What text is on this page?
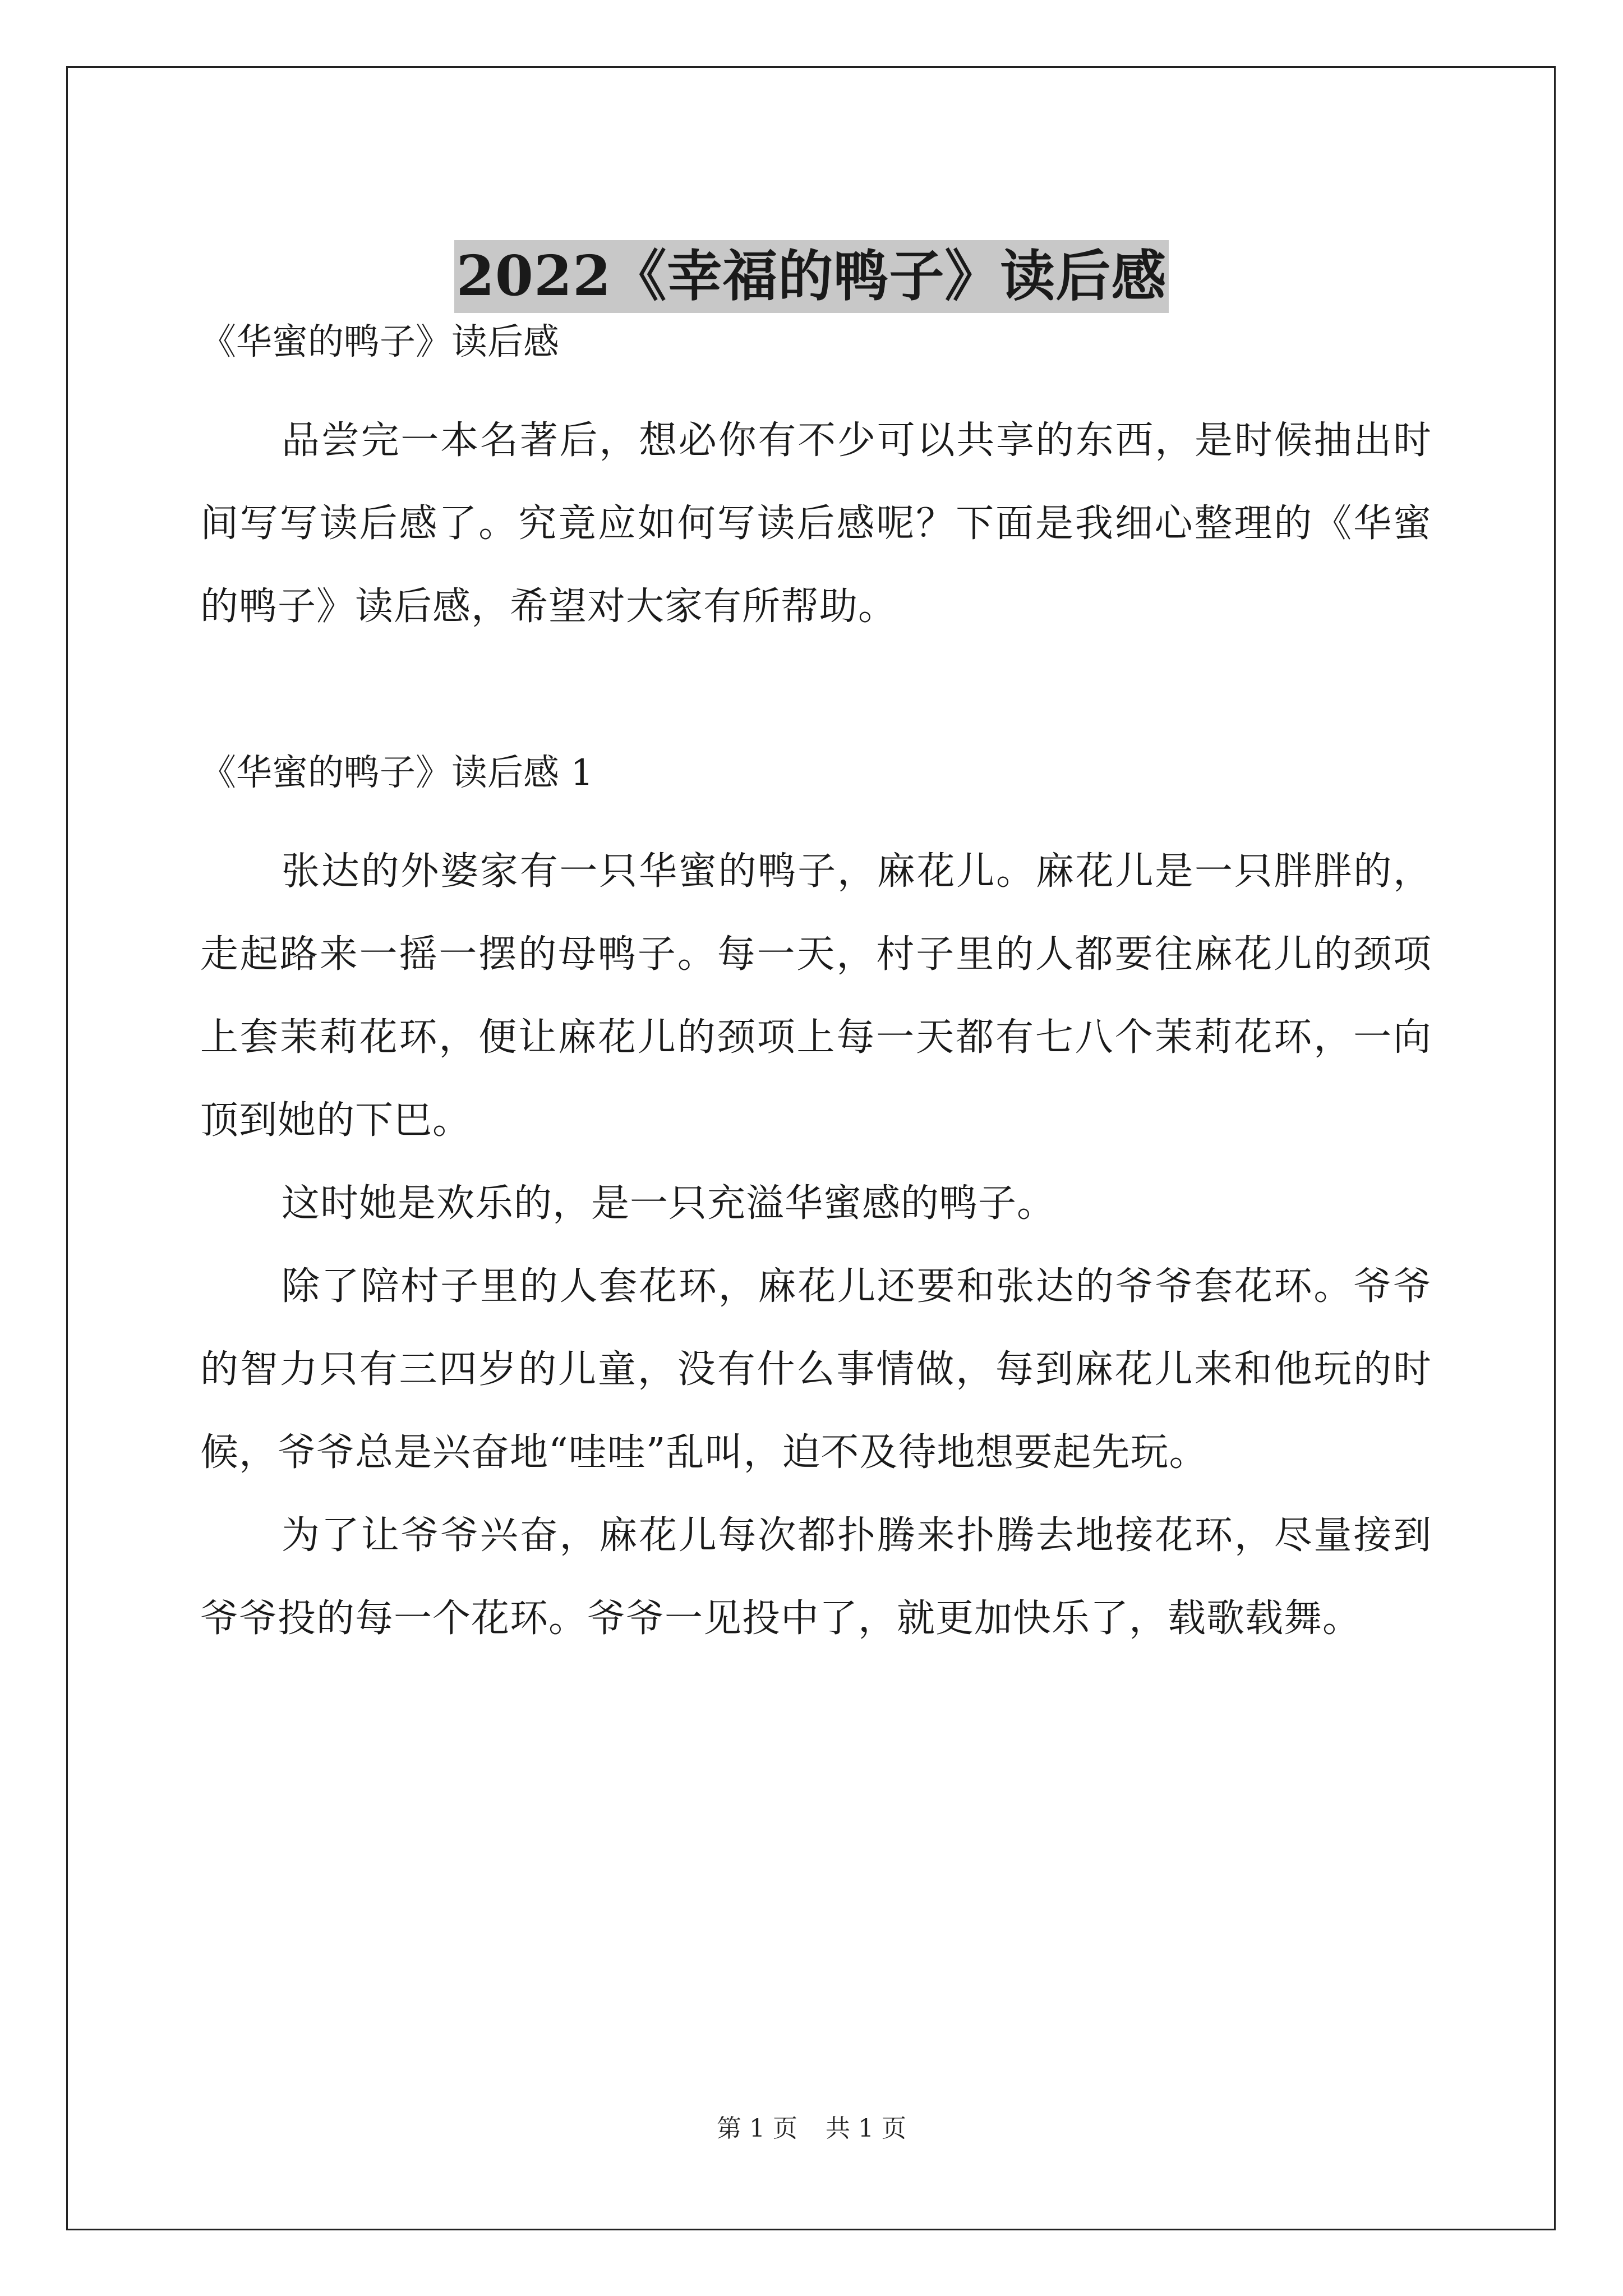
2022《幸福的鸭子》读后感

《华蜜的鸭子》读后感

品尝完一本名著后，想必你有不少可以共享的东西，是时候抽出时间写写读后感了。究竟应如何写读后感呢？下面是我细心整理的《华蜜的鸭子》读后感，希望对大家有所帮助。

《华蜜的鸭子》读后感 1

张达的外婆家有一只华蜜的鸭子，麻花儿。麻花儿是一只胖胖的，走起路来一摇一摆的母鸭子。每一天，村子里的人都要往麻花儿的颈项上套茉莉花环，便让麻花儿的颈项上每一天都有七八个茉莉花环，一向顶到她的下巴。

这时她是欢乐的，是一只充溢华蜜感的鸭子。

除了陪村子里的人套花环，麻花儿还要和张达的爷爷套花环。爷爷的智力只有三四岁的儿童，没有什么事情做，每到麻花儿来和他玩的时候，爷爷总是兴奋地“哇哇”乱叫，迫不及待地想要起先玩。

为了让爷爷兴奋，麻花儿每次都扑腾来扑腾去地接花环，尽量接到爷爷投的每一个花环。爷爷一见投中了，就更加快乐了，载歌载舞。

第 1 页 共 1 页
